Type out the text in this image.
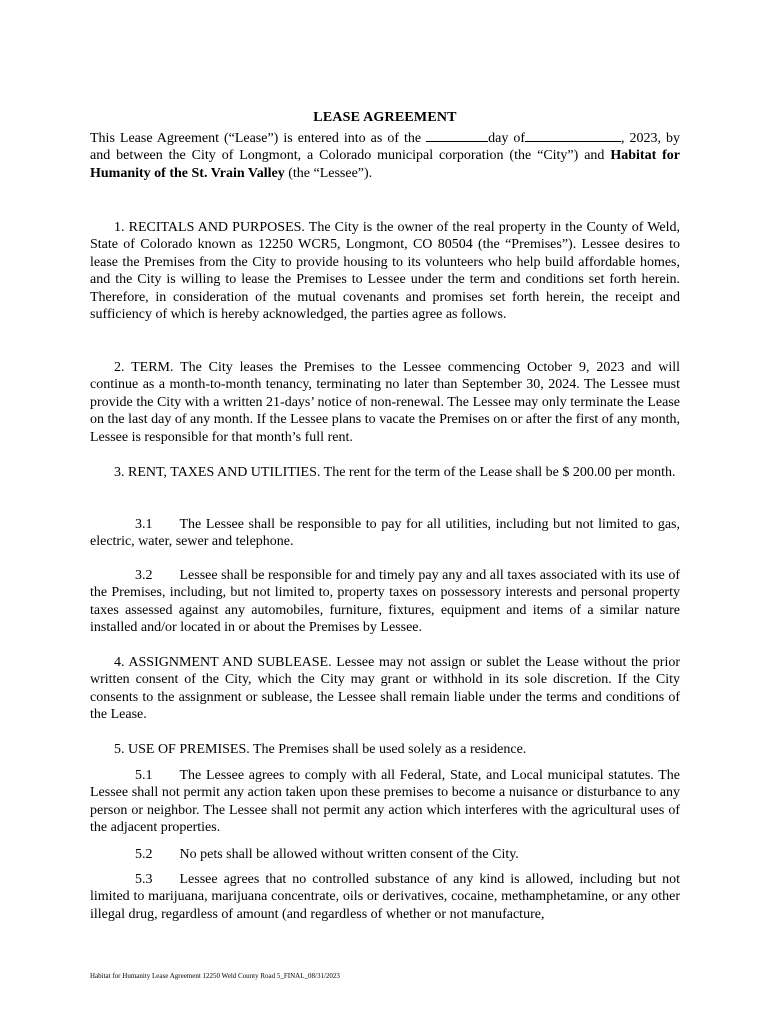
LEASE AGREEMENT
This Lease Agreement (“Lease”) is entered into as of the	day of	, 2023, by and between the City of Longmont, a Colorado municipal corporation (the “City”) and Habitat for Humanity of the St. Vrain Valley (the “Lessee”).
1. RECITALS AND PURPOSES. The City is the owner of the real property in the County of Weld, State of Colorado known as 12250 WCR5, Longmont, CO 80504 (the “Premises”). Lessee desires to lease the Premises from the City to provide housing to its volunteers who help build affordable homes, and the City is willing to lease the Premises to Lessee under the term and conditions set forth herein. Therefore, in consideration of the mutual covenants and promises set forth herein, the receipt and sufficiency of which is hereby acknowledged, the parties agree as follows.
2. TERM. The City leases the Premises to the Lessee commencing October 9, 2023 and will continue as a month-to-month tenancy, terminating no later than September 30, 2024. The Lessee must provide the City with a written 21-days’ notice of non-renewal. The Lessee may only terminate the Lease on the last day of any month. If the Lessee plans to vacate the Premises on or after the first of any month, Lessee is responsible for that month’s full rent.
3. RENT, TAXES AND UTILITIES. The rent for the term of the Lease shall be $ 200.00 per month.
3.1 The Lessee shall be responsible to pay for all utilities, including but not limited to gas, electric, water, sewer and telephone.
3.2 Lessee shall be responsible for and timely pay any and all taxes associated with its use of the Premises, including, but not limited to, property taxes on possessory interests and personal property taxes assessed against any automobiles, furniture, fixtures, equipment and items of a similar nature installed and/or located in or about the Premises by Lessee.
4. ASSIGNMENT AND SUBLEASE. Lessee may not assign or sublet the Lease without the prior written consent of the City, which the City may grant or withhold in its sole discretion. If the City consents to the assignment or sublease, the Lessee shall remain liable under the terms and conditions of the Lease.
5. USE OF PREMISES. The Premises shall be used solely as a residence.
5.1 The Lessee agrees to comply with all Federal, State, and Local municipal statutes. The Lessee shall not permit any action taken upon these premises to become a nuisance or disturbance to any person or neighbor. The Lessee shall not permit any action which interferes with the agricultural uses of the adjacent properties.
5.2 No pets shall be allowed without written consent of the City.
5.3 Lessee agrees that no controlled substance of any kind is allowed, including but not limited to marijuana, marijuana concentrate, oils or derivatives, cocaine, methamphetamine, or any other illegal drug, regardless of amount (and regardless of whether or not manufacture,
Habitat for Humanity Lease Agreement 12250 Weld County Road 5_FINAL_08/31/2023
